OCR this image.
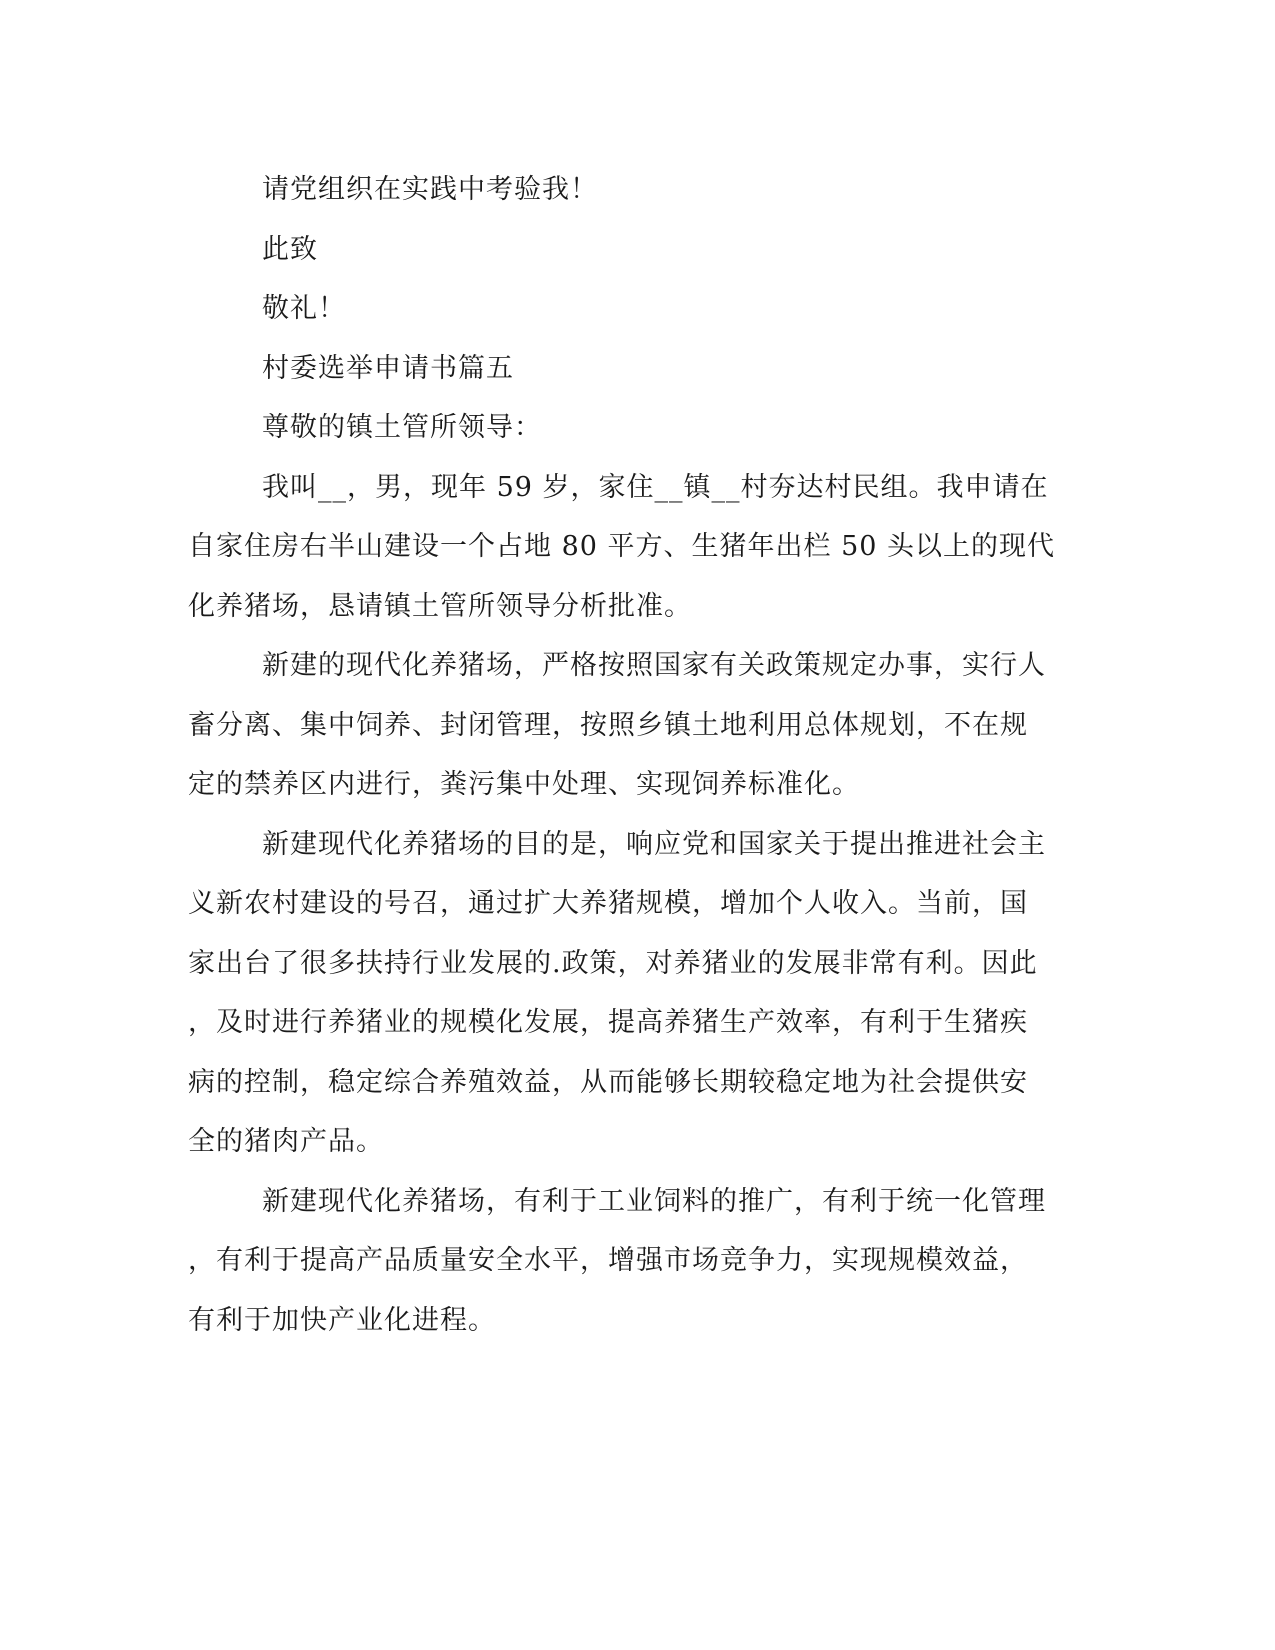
请党组织在实践中考验我！

此致

敬礼！

村委选举申请书篇五

尊敬的镇土管所领导：

我叫__，男，现年 59 岁，家住__镇__村夯达村民组。我申请在

自家住房右半山建设一个占地 80 平方、生猪年出栏 50 头以上的现代

化养猪场，恳请镇土管所领导分析批准。

新建的现代化养猪场，严格按照国家有关政策规定办事，实行人

畜分离、集中饲养、封闭管理，按照乡镇土地利用总体规划，不在规

定的禁养区内进行，粪污集中处理、实现饲养标准化。

新建现代化养猪场的目的是，响应党和国家关于提出推进社会主

义新农村建设的号召，通过扩大养猪规模，增加个人收入。当前，国

家出台了很多扶持行业发展的.政策，对养猪业的发展非常有利。因此

，及时进行养猪业的规模化发展，提高养猪生产效率，有利于生猪疾

病的控制，稳定综合养殖效益，从而能够长期较稳定地为社会提供安

全的猪肉产品。

新建现代化养猪场，有利于工业饲料的推广，有利于统一化管理

，有利于提高产品质量安全水平，增强市场竞争力，实现规模效益，

有利于加快产业化进程。
